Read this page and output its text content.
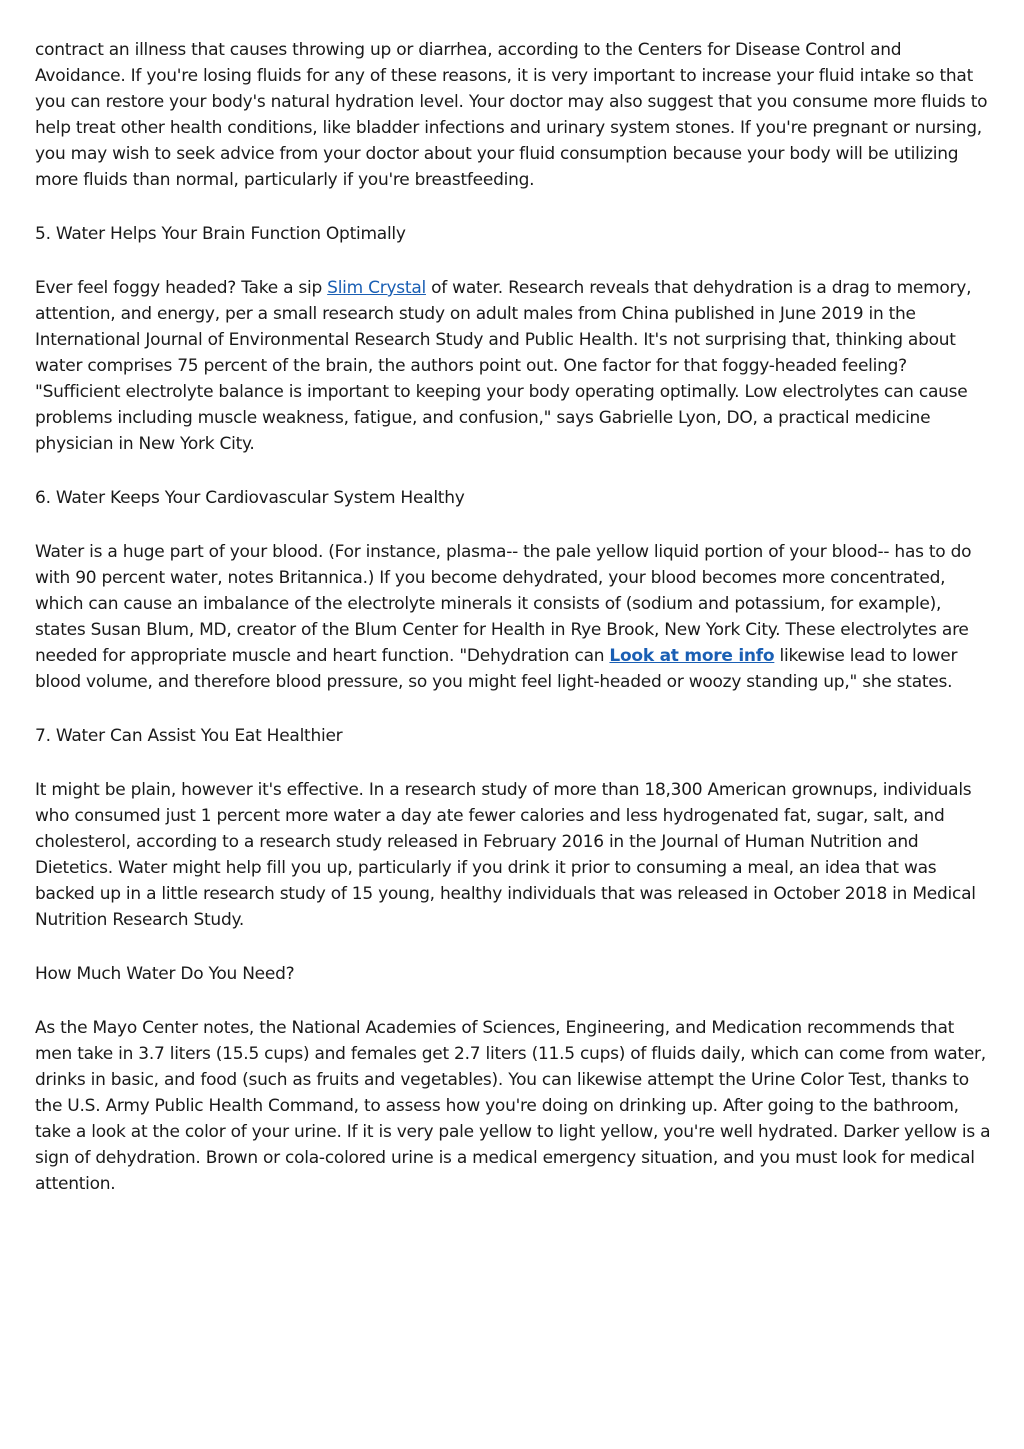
contract an illness that causes throwing up or diarrhea, according to the Centers for Disease Control and Avoidance. If you're losing fluids for any of these reasons, it is very important to increase your fluid intake so that you can restore your body's natural hydration level. Your doctor may also suggest that you consume more fluids to help treat other health conditions, like bladder infections and urinary system stones. If you're pregnant or nursing, you may wish to seek advice from your doctor about your fluid consumption because your body will be utilizing more fluids than normal, particularly if you're breastfeeding.

5. Water Helps Your Brain Function Optimally

Ever feel foggy headed? Take a sip Slim Crystal of water. Research reveals that dehydration is a drag to memory, attention, and energy, per a small research study on adult males from China published in June 2019 in the International Journal of Environmental Research Study and Public Health. It's not surprising that, thinking about water comprises 75 percent of the brain, the authors point out. One factor for that foggy-headed feeling? "Sufficient electrolyte balance is important to keeping your body operating optimally. Low electrolytes can cause problems including muscle weakness, fatigue, and confusion," says Gabrielle Lyon, DO, a practical medicine physician in New York City.

6. Water Keeps Your Cardiovascular System Healthy

Water is a huge part of your blood. (For instance, plasma-- the pale yellow liquid portion of your blood-- has to do with 90 percent water, notes Britannica.) If you become dehydrated, your blood becomes more concentrated, which can cause an imbalance of the electrolyte minerals it consists of (sodium and potassium, for example), states Susan Blum, MD, creator of the Blum Center for Health in Rye Brook, New York City. These electrolytes are needed for appropriate muscle and heart function. "Dehydration can Look at more info likewise lead to lower blood volume, and therefore blood pressure, so you might feel light-headed or woozy standing up," she states.

7. Water Can Assist You Eat Healthier

It might be plain, however it's effective. In a research study of more than 18,300 American grownups, individuals who consumed just 1 percent more water a day ate fewer calories and less hydrogenated fat, sugar, salt, and cholesterol, according to a research study released in February 2016 in the Journal of Human Nutrition and Dietetics. Water might help fill you up, particularly if you drink it prior to consuming a meal, an idea that was backed up in a little research study of 15 young, healthy individuals that was released in October 2018 in Medical Nutrition Research Study.

How Much Water Do You Need?

As the Mayo Center notes, the National Academies of Sciences, Engineering, and Medication recommends that men take in 3.7 liters (15.5 cups) and females get 2.7 liters (11.5 cups) of fluids daily, which can come from water, drinks in basic, and food (such as fruits and vegetables). You can likewise attempt the Urine Color Test, thanks to the U.S. Army Public Health Command, to assess how you're doing on drinking up. After going to the bathroom, take a look at the color of your urine. If it is very pale yellow to light yellow, you're well hydrated. Darker yellow is a sign of dehydration. Brown or cola-colored urine is a medical emergency situation, and you must look for medical attention.
